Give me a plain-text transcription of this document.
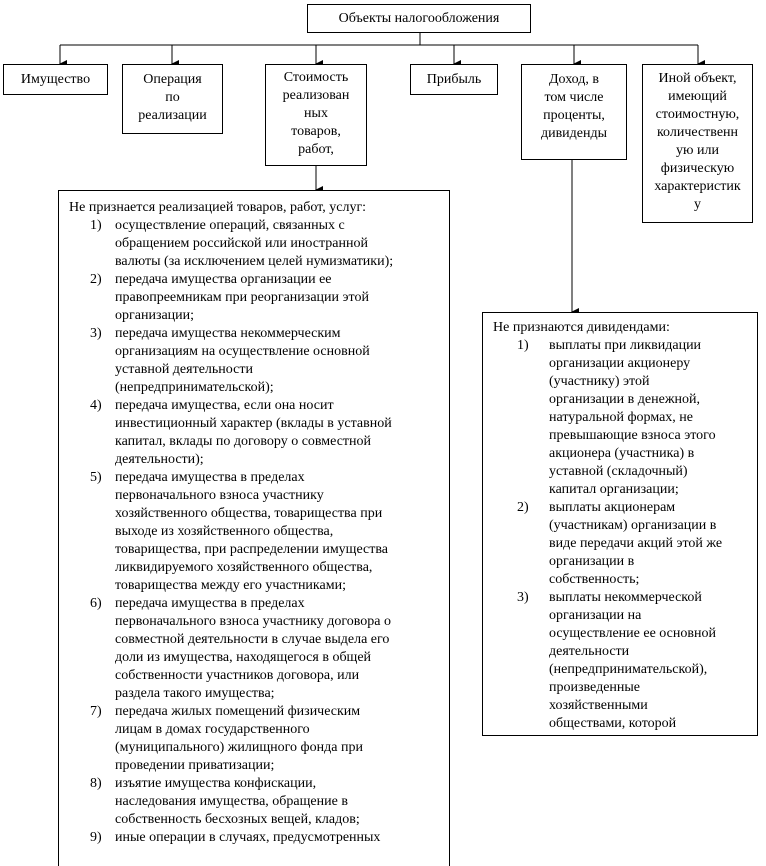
Объекты налогообложения
Имущество	Операция
по
реализации
Стоимость
реализован
ных
товаров,
работ,
Прибыль	Доход, в
том числе
проценты,
дивиденды
Иной объект,
имеющий
стоимостную,
количественн
ую или
физическую
характеристик
у
Не признается реализацией товаров, работ, услуг:
1) осуществление операций, связанных с
обращением российской или иностранной
валюты (за исключением целей нумизматики);
2) передача имущества организации ее
правопреемникам при реорганизации этой
организации;
3) передача имущества некоммерческим
организациям на осуществление основной
уставной деятельности
(непредпринимательской);
4) передача имущества, если она носит
инвестиционный характер (вклады в уставной
капитал, вклады по договору о совместной
деятельности);
5) передача имущества в пределах
первоначального взноса участнику
хозяйственного общества, товарищества при
выходе из хозяйственного общества,
товарищества, при распределении имущества
ликвидируемого хозяйственного общества,
товарищества между его участниками;
6) передача имущества в пределах
первоначального взноса участнику договора о
совместной деятельности в случае выдела его
доли из имущества, находящегося в общей
собственности участников договора, или
раздела такого имущества;
7) передача жилых помещений физическим
лицам в домах государственного
(муниципального) жилищного фонда при
проведении приватизации;
8) изъятие имущества конфискации,
наследования имущества, обращение в
собственность бесхозных вещей, кладов;
9) иные операции в случаях, предусмотренных
Не признаются дивидендами:
1) выплаты при ликвидации
организации акционеру
(участнику) этой
организации в денежной,
натуральной формах, не
превышающие взноса этого
акционера (участника) в
уставной (складочный)
капитал организации;
2) выплаты акционерам
(участникам) организации в
виде передачи акций этой же
организации в
собственность;
3) выплаты некоммерческой
организации на
осуществление ее основной
деятельности
(непредпринимательской),
произведенные
хозяйственными
обществами, которой
